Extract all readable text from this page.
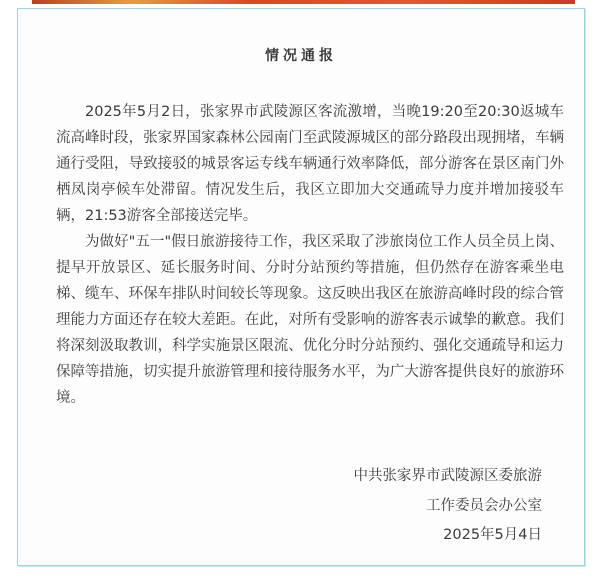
情况通报

2025年5月2日，张家界市武陵源区客流激增，当晚19:20至20:30返城车流高峰时段，张家界国家森林公园南门至武陵源城区的部分路段出现拥堵，车辆通行受阻，导致接驳的城景客运专线车辆通行效率降低，部分游客在景区南门外栖凤岗亭候车处滞留。情况发生后，我区立即加大交通疏导力度并增加接驳车辆，21:53游客全部接送完毕。

为做好"五一"假日旅游接待工作，我区采取了涉旅岗位工作人员全员上岗、提早开放景区、延长服务时间、分时分站预约等措施，但仍然存在游客乘坐电梯、缆车、环保车排队时间较长等现象。这反映出我区在旅游高峰时段的综合管理能力方面还存在较大差距。在此，对所有受影响的游客表示诚挚的歉意。我们将深刻汲取教训，科学实施景区限流、优化分时分站预约、强化交通疏导和运力保障等措施，切实提升旅游管理和接待服务水平，为广大游客提供良好的旅游环境。

中共张家界市武陵源区委旅游
工作委员会办公室
2025年5月4日
